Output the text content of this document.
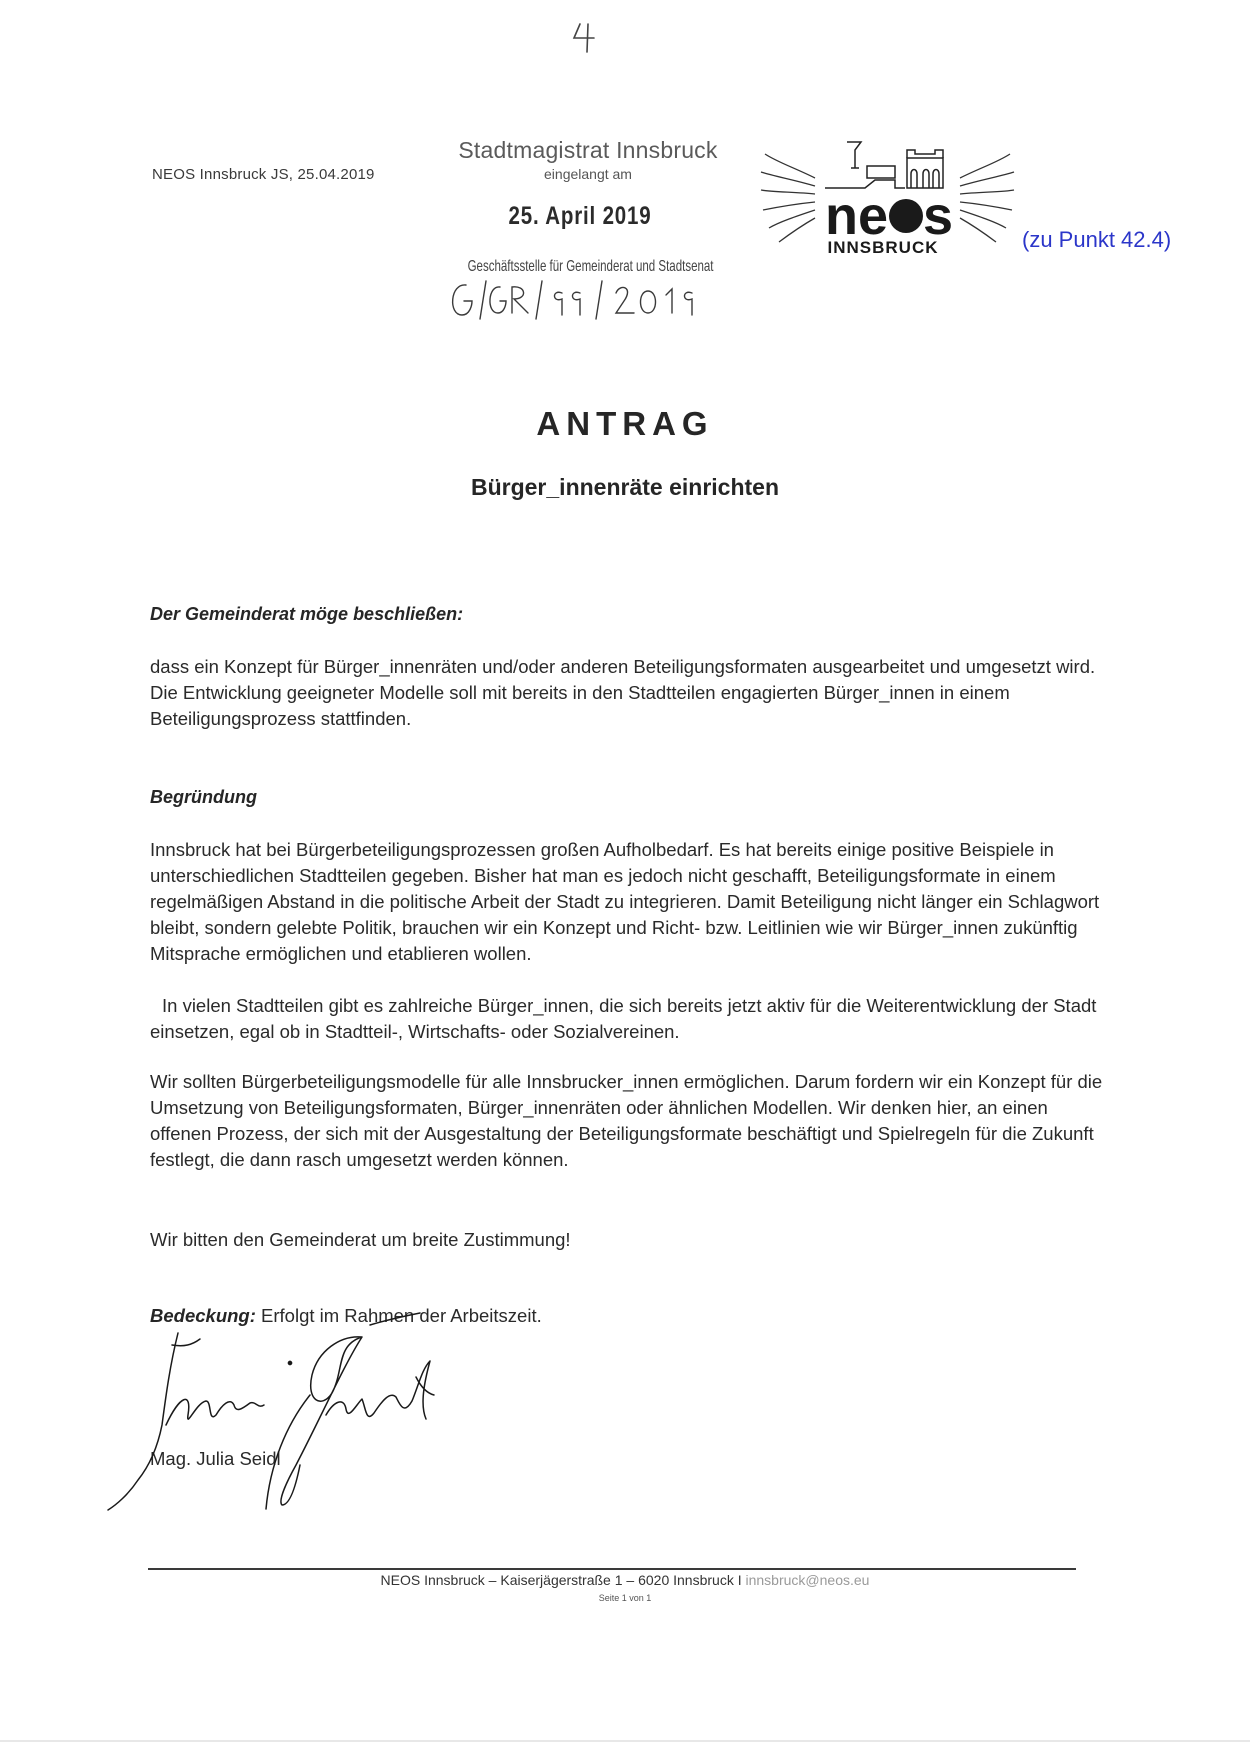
NEOS Innsbruck JS, 25.04.2019
Stadtmagistrat Innsbruck
eingelangt am
25. April 2019
Geschäftsstelle für Gemeinderat und Stadtsenat
ne s
INNSBRUCK	(zu Punkt 42.4)
ANTRAG
Bürger_innenräte einrichten
Der Gemeinderat möge beschließen:
dass ein Konzept für Bürger_innenräten und/oder anderen Beteiligungsformaten ausgearbeitet und umgesetzt wird. Die Entwicklung geeigneter Modelle soll mit bereits in den Stadtteilen engagierten Bürger_innen in einem Beteiligungsprozess stattfinden.
Begründung
Innsbruck hat bei Bürgerbeteiligungsprozessen großen Aufholbedarf. Es hat bereits einige positive Beispiele in unterschiedlichen Stadtteilen gegeben. Bisher hat man es jedoch nicht geschafft, Beteiligungsformate in einem regelmäßigen Abstand in die politische Arbeit der Stadt zu integrieren. Damit Beteiligung nicht länger ein Schlagwort bleibt, sondern gelebte Politik, brauchen wir ein Konzept und Richt- bzw. Leitlinien wie wir Bürger_innen zukünftig Mitsprache ermöglichen und etablieren wollen.
In vielen Stadtteilen gibt es zahlreiche Bürger_innen, die sich bereits jetzt aktiv für die Weiterentwicklung der Stadt einsetzen, egal ob in Stadtteil-, Wirtschafts- oder Sozialvereinen.
Wir sollten Bürgerbeteiligungsmodelle für alle Innsbrucker_innen ermöglichen. Darum fordern wir ein Konzept für die Umsetzung von Beteiligungsformaten, Bürger_innenräten oder ähnlichen Modellen. Wir denken hier, an einen offenen Prozess, der sich mit der Ausgestaltung der Beteiligungsformate beschäftigt und Spielregeln für die Zukunft festlegt, die dann rasch umgesetzt werden können.
Wir bitten den Gemeinderat um breite Zustimmung!
Bedeckung: Erfolgt im Rahmen der Arbeitszeit.
Mag. Julia Seidl
NEOS Innsbruck – Kaiserjägerstraße 1 – 6020 Innsbruck I innsbruck@neos.eu
Seite 1 von 1
